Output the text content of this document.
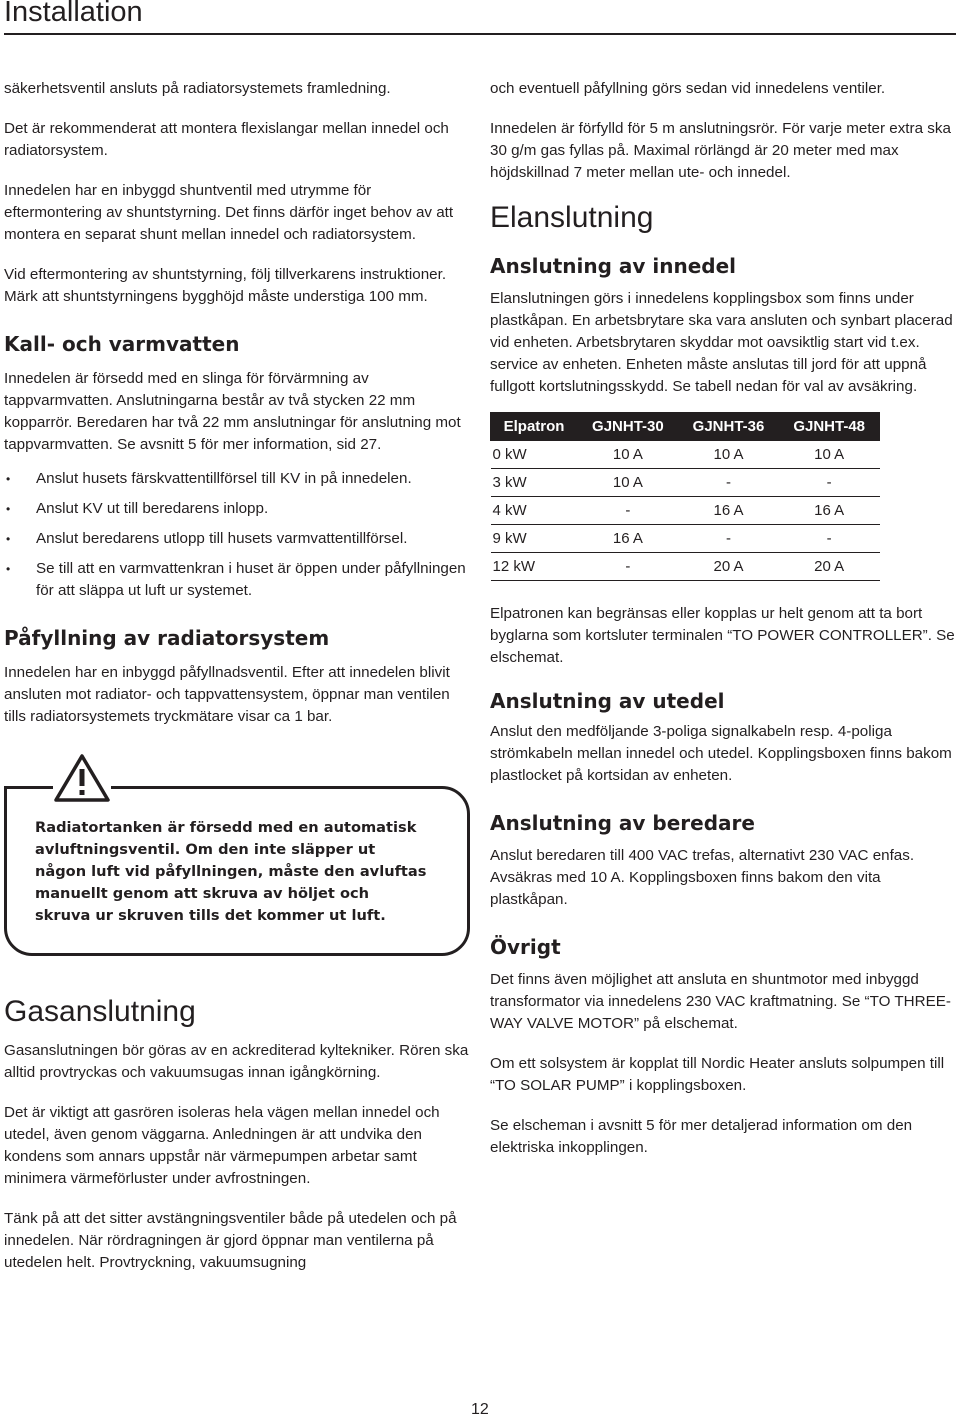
Installation

säkerhetsventil ansluts på radiatorsystemets framledning.

Det är rekommenderat att montera flexislangar mellan innedel och radiatorsystem.

Innedelen har en inbyggd shuntventil med utrymme för eftermontering av shuntstyrning. Det finns därför inget behov av att montera en separat shunt mellan innedel och radiatorsystem.

Vid eftermontering av shuntstyrning, följ tillverkarens instruktioner. Märk att shuntstyrningens bygghöjd måste understiga 100 mm.

Kall- och varmvatten

Innedelen är försedd med en slinga för förvärmning av tappvarmvatten. Anslutningarna består av två stycken 22 mm kopparrör. Beredaren har två 22 mm anslutningar för anslutning mot tappvarmvatten. Se avsnitt 5 för mer information, sid 27.

• Anslut husets färskvattentillförsel till KV in på innedelen.

• Anslut KV ut till beredarens inlopp.

• Anslut beredarens utlopp till husets varmvattentillförsel.

• Se till att en varmvattenkran i huset är öppen under påfyllningen för att släppa ut luft ur systemet.

Påfyllning av radiatorsystem

Innedelen har en inbyggd påfyllnadsventil. Efter att innedelen blivit ansluten mot radiator- och tappvattensystem, öppnar man ventilen tills radiatorsystemets tryckmätare visar ca 1 bar.

Radiatortanken är försedd med en automatisk avluftningsventil. Om den inte släpper ut någon luft vid påfyllningen, måste den avluftas manuellt genom att skruva av höljet och skruva ur skruven tills det kommer ut luft.
Gasanslutning

Gasanslutningen bör göras av en ackrediterad kyltekniker. Rören ska alltid provtryckas och vakuumsugas innan igångkörning.

Det är viktigt att gasrören isoleras hela vägen mellan innedel och utedel, även genom väggarna. Anledningen är att undvika den kondens som annars uppstår när värmepumpen arbetar samt minimera värmeförluster under avfrostningen.

Tänk på att det sitter avstängningsventiler både på utedelen och på innedelen. När rördragningen är gjord öppnar man ventilerna på utedelen helt. Provtryckning, vakuumsugning

och eventuell påfyllning görs sedan vid innedelens ventiler.

Innedelen är förfylld för 5 m anslutningsrör. För varje meter extra ska 30 g/m gas fyllas på. Maximal rörlängd är 20 meter med max höjdskillnad 7 meter mellan ute- och innedel.

Elanslutning
Anslutning av innedel

Elanslutningen görs i innedelens kopplingsbox som finns under plastkåpan. En arbetsbrytare ska vara ansluten och synbart placerad vid enheten. Arbetsbrytaren skyddar mot oavsiktlig start vid t.ex. service av enheten. Enheten måste anslutas till jord för att uppnå fullgott kortslutningsskydd. Se tabell nedan för val av avsäkring.

Elpatron	GJNHT-30	GJNHT-36	GJNHT-48
0 kW	10 A	10 A	10 A
3 kW	10 A	-	-
4 kW	-	16 A	16 A
9 kW	16 A	-	-
12 kW	-	20 A	20 A

Elpatronen kan begränsas eller kopplas ur helt genom att ta bort byglarna som kortsluter terminalen “TO POWER CONTROLLER”. Se elschemat.

Anslutning av utedel

Anslut den medföljande 3-poliga signalkabeln resp. 4-poliga strömkabeln mellan innedel och utedel. Kopplingsboxen finns bakom plastlocket på kortsidan av enheten.

Anslutning av beredare

Anslut beredaren till 400 VAC trefas, alternativt 230 VAC enfas. Avsäkras med 10 A. Kopplingsboxen finns bakom den vita plastkåpan.

Övrigt

Det finns även möjlighet att ansluta en shuntmotor med inbyggd transformator via innedelens 230 VAC kraftmatning. Se “TO THREE-WAY VALVE MOTOR” på elschemat.

Om ett solsystem är kopplat till Nordic Heater ansluts solpumpen till “TO SOLAR PUMP” i kopplingsboxen.

Se elscheman i avsnitt 5 för mer detaljerad information om den elektriska inkopplingen.

12
